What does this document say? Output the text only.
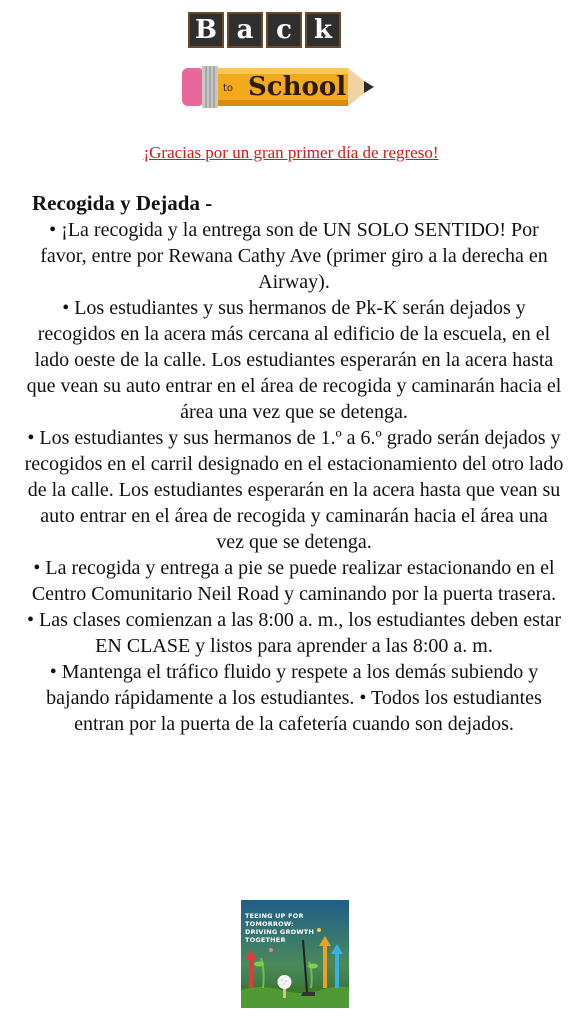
B a c k
to School
¡Gracias por un gran primer día de regreso!
Recogida y Dejada -

• ¡La recogida y la entrega son de UN SOLO SENTIDO! Por favor, entre por Rewana Cathy Ave (primer giro a la derecha en Airway).

• Los estudiantes y sus hermanos de Pk-K serán dejados y recogidos en la acera más cercana al edificio de la escuela, en el lado oeste de la calle. Los estudiantes esperarán en la acera hasta que vean su auto entrar en el área de recogida y caminarán hacia el área una vez que se detenga.

• Los estudiantes y sus hermanos de 1.º a 6.º grado serán dejados y recogidos en el carril designado en el estacionamiento del otro lado de la calle. Los estudiantes esperarán en la acera hasta que vean su auto entrar en el área de recogida y caminarán hacia el área una vez que se detenga.

• La recogida y entrega a pie se puede realizar estacionando en el Centro Comunitario Neil Road y caminando por la puerta trasera.

• Las clases comienzan a las 8:00 a. m., los estudiantes deben estar EN CLASE y listos para aprender a las 8:00 a. m.

• Mantenga el tráfico fluido y respete a los demás subiendo y bajando rápidamente a los estudiantes. • Todos los estudiantes entran por la puerta de la cafetería cuando son dejados.

TEEING UP FOR TOMORROW:
DRIVING GROWTH TOGETHER
